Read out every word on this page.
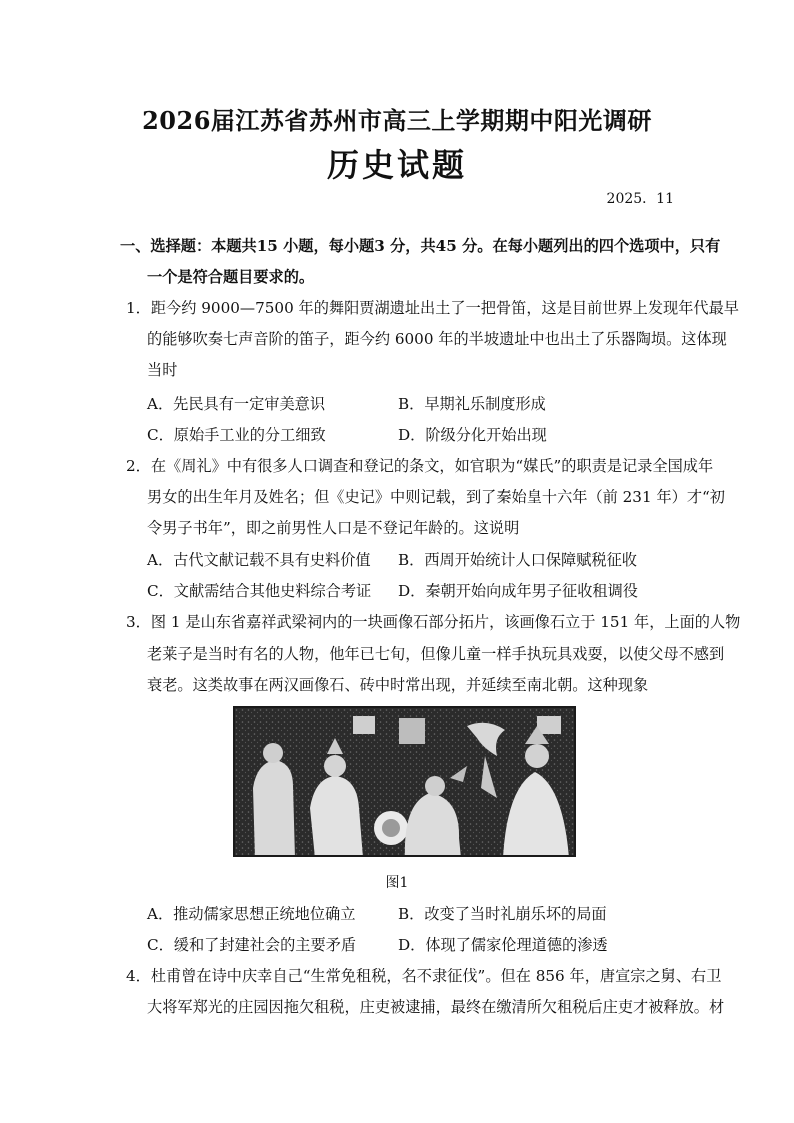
2026届江苏省苏州市高三上学期期中阳光调研
历史试题
2025．11
一、选择题：本题共15 小题，每小题3 分，共45 分。在每小题列出的四个选项中，只有
一个是符合题目要求的。
1．距今约 9000—7500 年的舞阳贾湖遗址出土了一把骨笛，这是目前世界上发现年代最早
的能够吹奏七声音阶的笛子，距今约 6000 年的半坡遗址中也出土了乐器陶埙。这体现
当时
A．先民具有一定审美意识	B．早期礼乐制度形成
C．原始手工业的分工细致	D．阶级分化开始出现
2．在《周礼》中有很多人口调查和登记的条文，如官职为“媒氏”的职责是记录全国成年
男女的出生年月及姓名；但《史记》中则记载，到了秦始皇十六年（前 231 年）才“初
令男子书年”，即之前男性人口是不登记年龄的。这说明
A．古代文献记载不具有史料价值 B．西周开始统计人口保障赋税征收
C．文献需结合其他史料综合考证 D．秦朝开始向成年男子征收租调役
3．图 1 是山东省嘉祥武梁祠内的一块画像石部分拓片，该画像石立于 151 年，上面的人物
老莱子是当时有名的人物，他年已七旬，但像儿童一样手执玩具戏耍，以使父母不感到
衰老。这类故事在两汉画像石、砖中时常出现，并延续至南北朝。这种现象
图1
A．推动儒家思想正统地位确立	B．改变了当时礼崩乐坏的局面
C．缓和了封建社会的主要矛盾	D．体现了儒家伦理道德的渗透
4．杜甫曾在诗中庆幸自己“生常免租税，名不隶征伐”。但在 856 年，唐宣宗之舅、右卫
大将军郑光的庄园因拖欠租税，庄吏被逮捕，最终在缴清所欠租税后庄吏才被释放。材
